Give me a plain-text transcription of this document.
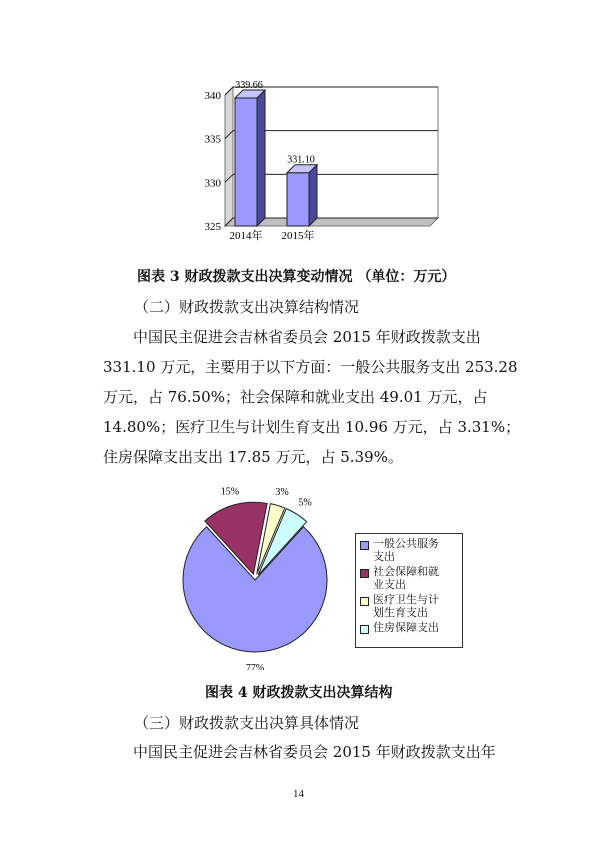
325
330
335
340
339.66
2014年
331.10
2015年
图表 3 财政拨款支出决算变动情况 （单位：万元）
（二）财政拨款支出决算结构情况
中国民主促进会吉林省委员会 2015 年财政拨款支出
331.10 万元，主要用于以下方面：一般公共服务支出 253.28
万元，占 76.50%；社会保障和就业支出 49.01 万元，占
14.80%；医疗卫生与计划生育支出 10.96 万元，占 3.31%；
住房保障支出支出 17.85 万元，占 5.39%。
77%
15%	3%
5%
一般公共服务
支出
社会保障和就
业支出
医疗卫生与计
划生育支出
住房保障支出
图表 4 财政拨款支出决算结构
（三）财政拨款支出决算具体情况
中国民主促进会吉林省委员会 2015 年财政拨款支出年
14
